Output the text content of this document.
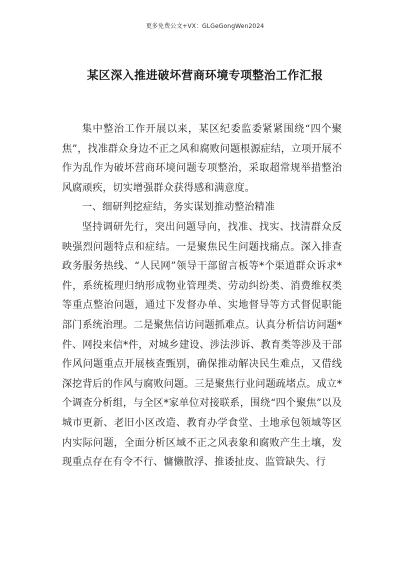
更多免费公文+VX：GLGeGongWen2024
某区深入推进破坏营商环境专项整治工作汇报

集中整治工作开展以来，某区纪委监委紧紧围绕“四个聚焦”，找准群众身边不正之风和腐败问题根源症结，立项开展不作为乱作为破坏营商环境问题专项整治，采取超常规举措整治风腐顽疾，切实增强群众获得感和满意度。

一、细研判挖症结，务实谋划推动整治精准

坚持调研先行，突出问题导向，找准、找实、找清群众反映强烈问题特点和症结。一是聚焦民生问题找痛点。深入排查政务服务热线、“人民网”领导干部留言板等*个渠道群众诉求*件，系统梳理归纳形成物业管理类、劳动纠纷类、消费维权类等重点整治问题，通过下发督办单、实地督导等方式督促职能部门系统治理。二是聚焦信访问题抓难点。认真分析信访问题*件、网投来信*件，对城乡建设、涉法涉诉、教育类等涉及干部作风问题重点开展核查甄别，确保推动解决民生难点，又借线深挖背后的作风与腐败问题。三是聚焦行业问题疏堵点。成立*个调查分析组，与全区*家单位对接联系，围绕“四个聚焦”以及城市更新、老旧小区改造、教育办学食堂、土地承包领域等区内实际问题，全面分析区域不正之风表象和腐败产生土壤，发现重点存在有令不行、慵懒散浮、推诿扯皮、监管缺失、行
